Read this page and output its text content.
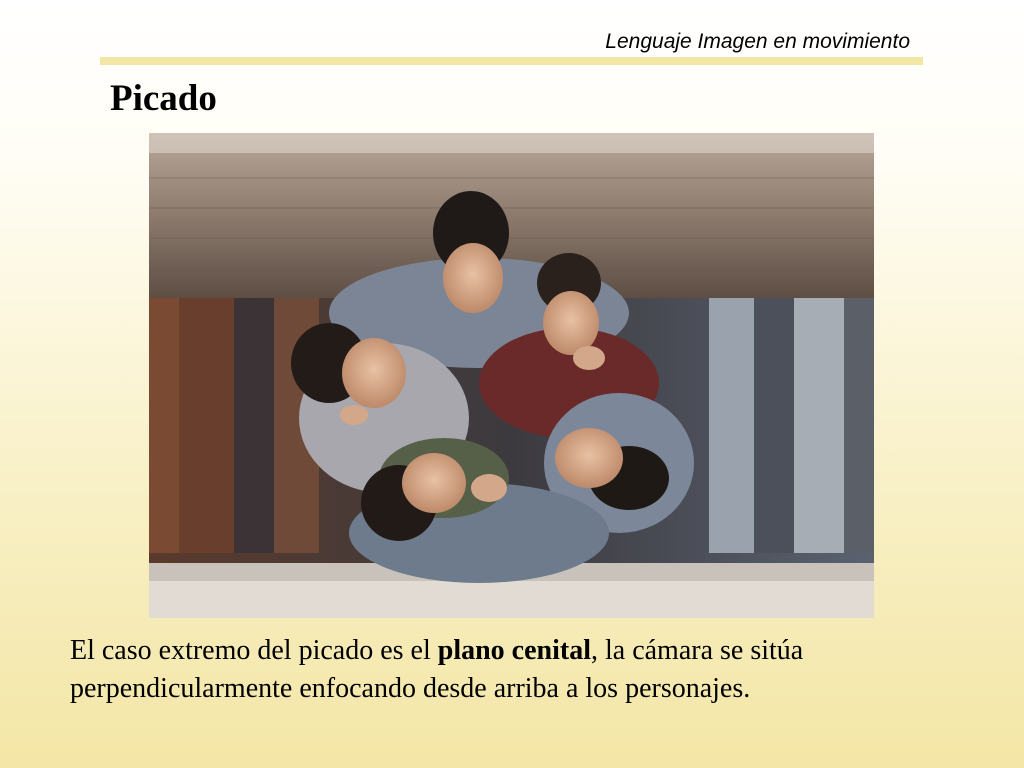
Lenguaje Imagen en movimiento
Picado
El caso extremo del picado es el plano cenital, la cámara se sitúa perpendicularmente enfocando desde arriba a los personajes.
